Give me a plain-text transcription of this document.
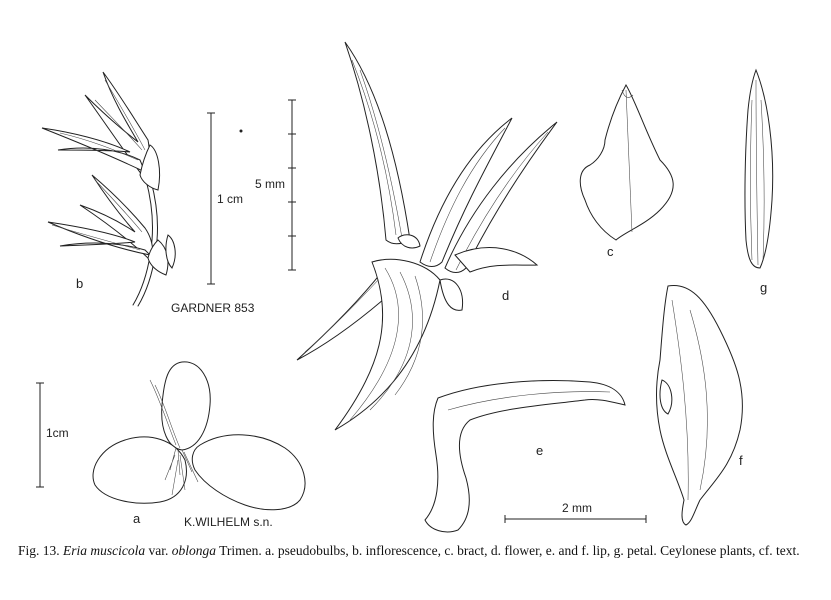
b
c
d
g
e
f
a
1 cm
5 mm
1cm
2 mm
GARDNER 853
K.WILHELM s.n.
Fig. 13. Eria muscicola var. oblonga Trimen. a. pseudobulbs, b. inflorescence, c. bract, d. flower, e. and f. lip, g. petal. Ceylonese plants, cf. text.
